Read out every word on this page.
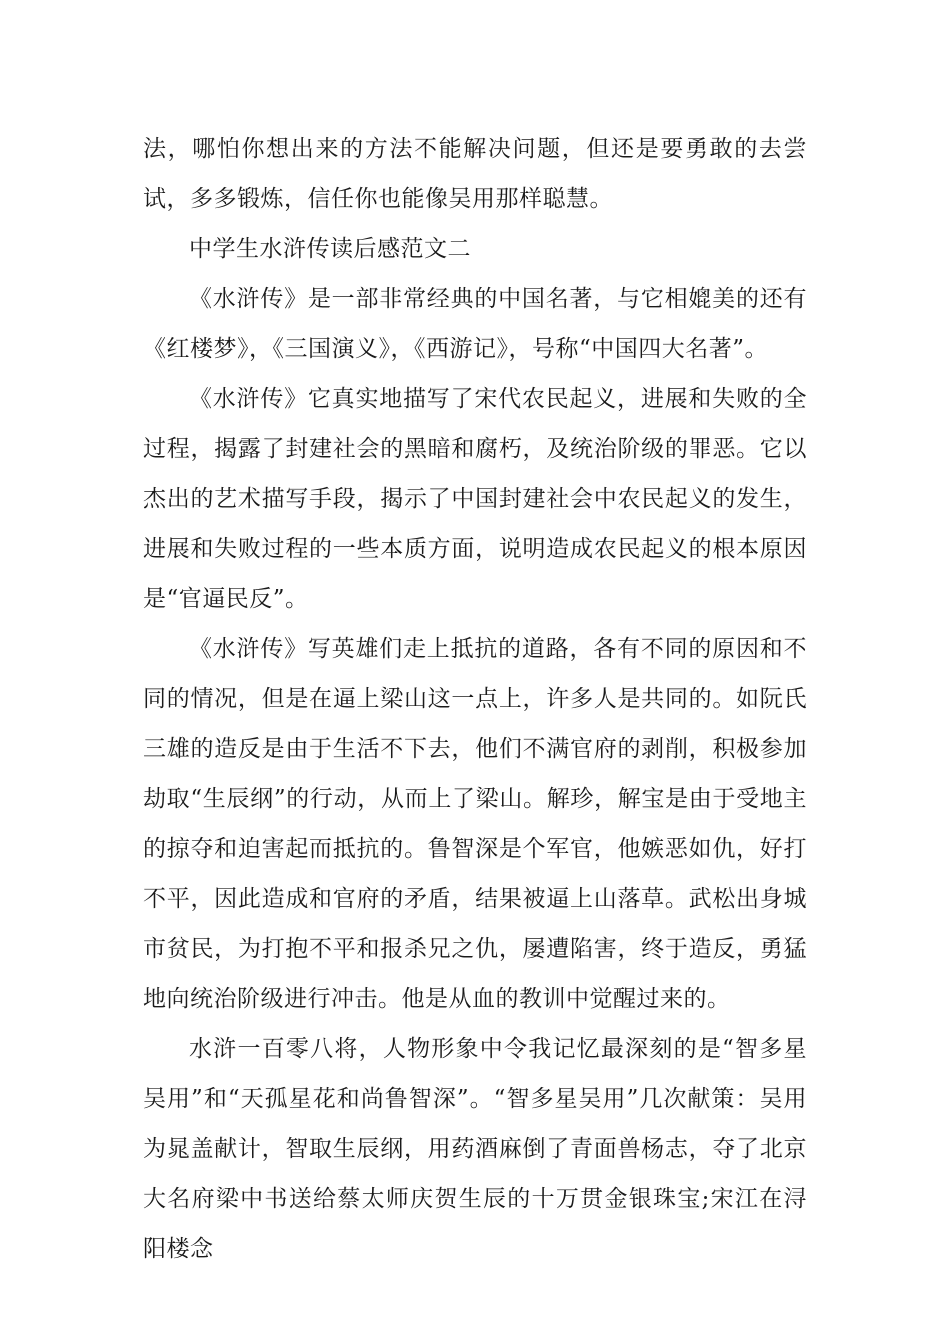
法，哪怕你想出来的方法不能解决问题，但还是要勇敢的去尝试，多多锻炼，信任你也能像吴用那样聪慧。

中学生水浒传读后感范文二

《水浒传》是一部非常经典的中国名著，与它相媲美的还有《红楼梦》，《三国演义》，《西游记》，号称“中国四大名著”。

《水浒传》它真实地描写了宋代农民起义，进展和失败的全过程，揭露了封建社会的黑暗和腐朽，及统治阶级的罪恶。它以杰出的艺术描写手段，揭示了中国封建社会中农民起义的发生，进展和失败过程的一些本质方面，说明造成农民起义的根本原因是“官逼民反”。

《水浒传》写英雄们走上抵抗的道路，各有不同的原因和不同的情况，但是在逼上梁山这一点上，许多人是共同的。如阮氏三雄的造反是由于生活不下去，他们不满官府的剥削，积极参加劫取“生辰纲”的行动，从而上了梁山。解珍，解宝是由于受地主的掠夺和迫害起而抵抗的。鲁智深是个军官，他嫉恶如仇，好打不平，因此造成和官府的矛盾，结果被逼上山落草。武松出身城市贫民，为打抱不平和报杀兄之仇，屡遭陷害，终于造反，勇猛地向统治阶级进行冲击。他是从血的教训中觉醒过来的。

水浒一百零八将，人物形象中令我记忆最深刻的是“智多星吴用”和“天孤星花和尚鲁智深”。“智多星吴用”几次献策：吴用为晁盖献计，智取生辰纲，用药酒麻倒了青面兽杨志，夺了北京大名府梁中书送给蔡太师庆贺生辰的十万贯金银珠宝;宋江在浔阳楼念
